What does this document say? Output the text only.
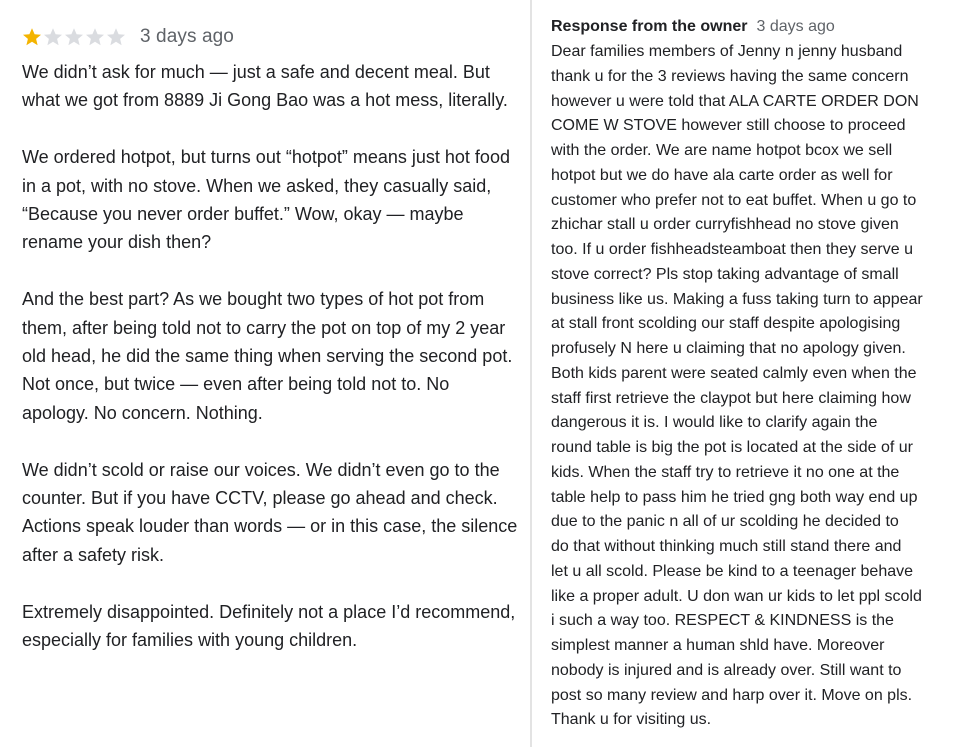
3 days ago

We didn’t ask for much — just a safe and decent meal. But what we got from 8889 Ji Gong Bao was a hot mess, literally.

We ordered hotpot, but turns out “hotpot” means just hot food in a pot, with no stove. When we asked, they casually said, “Because you never order buffet.” Wow, okay — maybe rename your dish then?

And the best part? As we bought two types of hot pot from them, after being told not to carry the pot on top of my 2 year old head, he did the same thing when serving the second pot. Not once, but twice — even after being told not to. No apology. No concern. Nothing.

We didn’t scold or raise our voices. We didn’t even go to the counter. But if you have CCTV, please go ahead and check. Actions speak louder than words — or in this case, the silence after a safety risk.

Extremely disappointed. Definitely not a place I’d recommend, especially for families with young children.

Response from the owner 3 days ago
Dear families members of Jenny n jenny husband
thank u for the 3 reviews having the same concern
however u were told that ALA CARTE ORDER DON
COME W STOVE however still choose to proceed
with the order. We are name hotpot bcox we sell
hotpot but we do have ala carte order as well for
customer who prefer not to eat buffet. When u go to
zhichar stall u order curryfishhead no stove given
too. If u order fishheadsteamboat then they serve u
stove correct? Pls stop taking advantage of small
business like us. Making a fuss taking turn to appear
at stall front scolding our staff despite apologising
profusely N here u claiming that no apology given.
Both kids parent were seated calmly even when the
staff first retrieve the claypot but here claiming how
dangerous it is. I would like to clarify again the
round table is big the pot is located at the side of ur
kids. When the staff try to retrieve it no one at the
table help to pass him he tried gng both way end up
due to the panic n all of ur scolding he decided to
do that without thinking much still stand there and
let u all scold. Please be kind to a teenager behave
like a proper adult. U don wan ur kids to let ppl scold
i such a way too. RESPECT & KINDNESS is the
simplest manner a human shld have. Moreover
nobody is injured and is already over. Still want to
post so many review and harp over it. Move on pls.
Thank u for visiting us.
